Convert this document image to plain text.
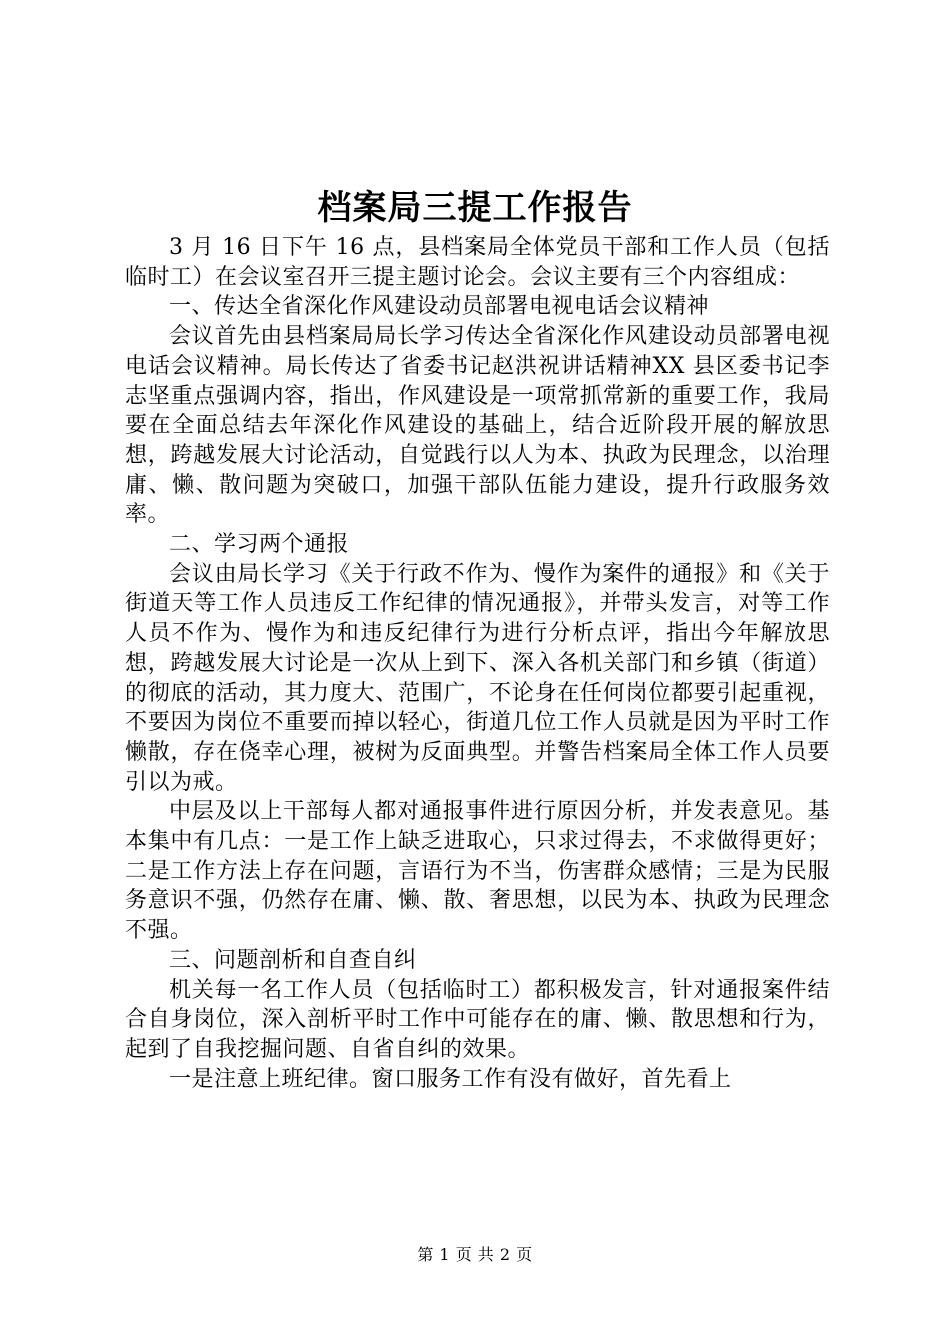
档案局三提工作报告

3 月 16 日下午 16 点，县档案局全体党员干部和工作人员（包括临时工）在会议室召开三提主题讨论会。会议主要有三个内容组成：

一、传达全省深化作风建设动员部署电视电话会议精神

会议首先由县档案局局长学习传达全省深化作风建设动员部署电视电话会议精神。局长传达了省委书记赵洪祝讲话精神XX 县区委书记李志坚重点强调内容，指出，作风建设是一项常抓常新的重要工作，我局要在全面总结去年深化作风建设的基础上，结合近阶段开展的解放思想，跨越发展大讨论活动，自觉践行以人为本、执政为民理念，以治理庸、懒、散问题为突破口，加强干部队伍能力建设，提升行政服务效率。

二、学习两个通报

会议由局长学习《关于行政不作为、慢作为案件的通报》和《关于街道天等工作人员违反工作纪律的情况通报》，并带头发言，对等工作人员不作为、慢作为和违反纪律行为进行分析点评，指出今年解放思想，跨越发展大讨论是一次从上到下、深入各机关部门和乡镇（街道）的彻底的活动，其力度大、范围广，不论身在任何岗位都要引起重视，不要因为岗位不重要而掉以轻心，街道几位工作人员就是因为平时工作懒散，存在侥幸心理，被树为反面典型。并警告档案局全体工作人员要引以为戒。

中层及以上干部每人都对通报事件进行原因分析，并发表意见。基本集中有几点：一是工作上缺乏进取心，只求过得去，不求做得更好；二是工作方法上存在问题，言语行为不当，伤害群众感情；三是为民服务意识不强，仍然存在庸、懒、散、奢思想，以民为本、执政为民理念不强。

三、问题剖析和自查自纠

机关每一名工作人员（包括临时工）都积极发言，针对通报案件结合自身岗位，深入剖析平时工作中可能存在的庸、懒、散思想和行为，起到了自我挖掘问题、自省自纠的效果。

一是注意上班纪律。窗口服务工作有没有做好，首先看上

第 1 页 共 2 页
